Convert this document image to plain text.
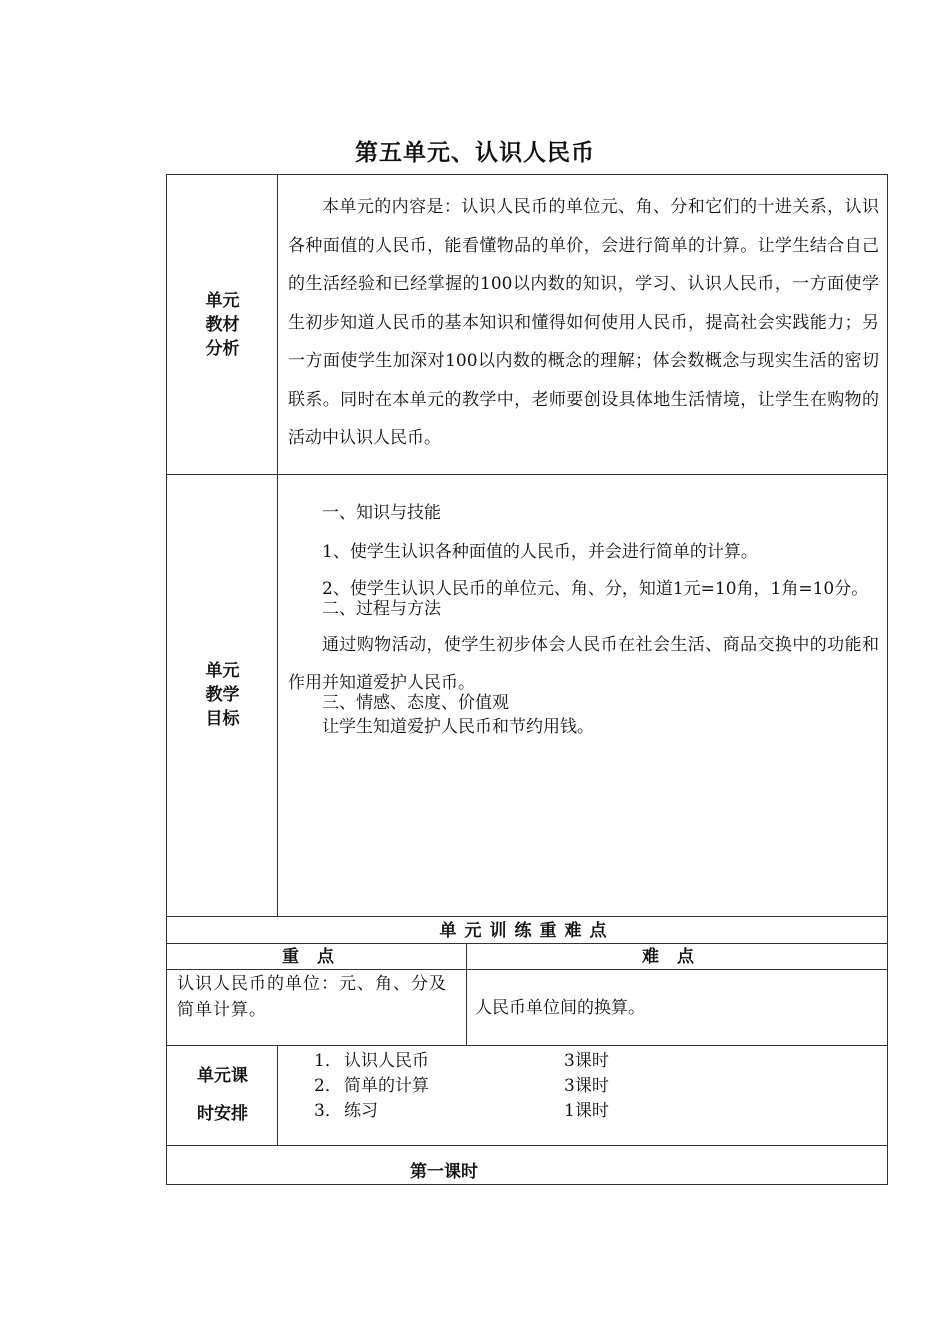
第五单元、认识人民币
单元
教材
分析

本单元的内容是：认识人民币的单位元、角、分和它们的十进关系，认识各种面值的人民币，能看懂物品的单价，会进行简单的计算。让学生结合自己的生活经验和已经掌握的100以内数的知识，学习、认识人民币，一方面使学生初步知道人民币的基本知识和懂得如何使用人民币，提高社会实践能力；另一方面使学生加深对100以内数的概念的理解；体会数概念与现实生活的密切联系。同时在本单元的教学中，老师要创设具体地生活情境，让学生在购物的活动中认识人民币。

单元
教学
目标

一、知识与技能

1、使学生认识各种面值的人民币，并会进行简单的计算。

2、使学生认识人民币的单位元、角、分，知道1元=10角，1角=10分。

二、过程与方法

通过购物活动，使学生初步体会人民币在社会生活、商品交换中的功能和作用并知道爱护人民币。

三、情感、态度、价值观

让学生知道爱护人民币和节约用钱。

单元训练重难点
重点	难点
认识人民币的单位：元、角、分及简单计算。	人民币单位间的换算。
单元课
时安排
1． 认识人民币	3课时
2． 简单的计算	3课时
3． 练习	1课时
第一课时
